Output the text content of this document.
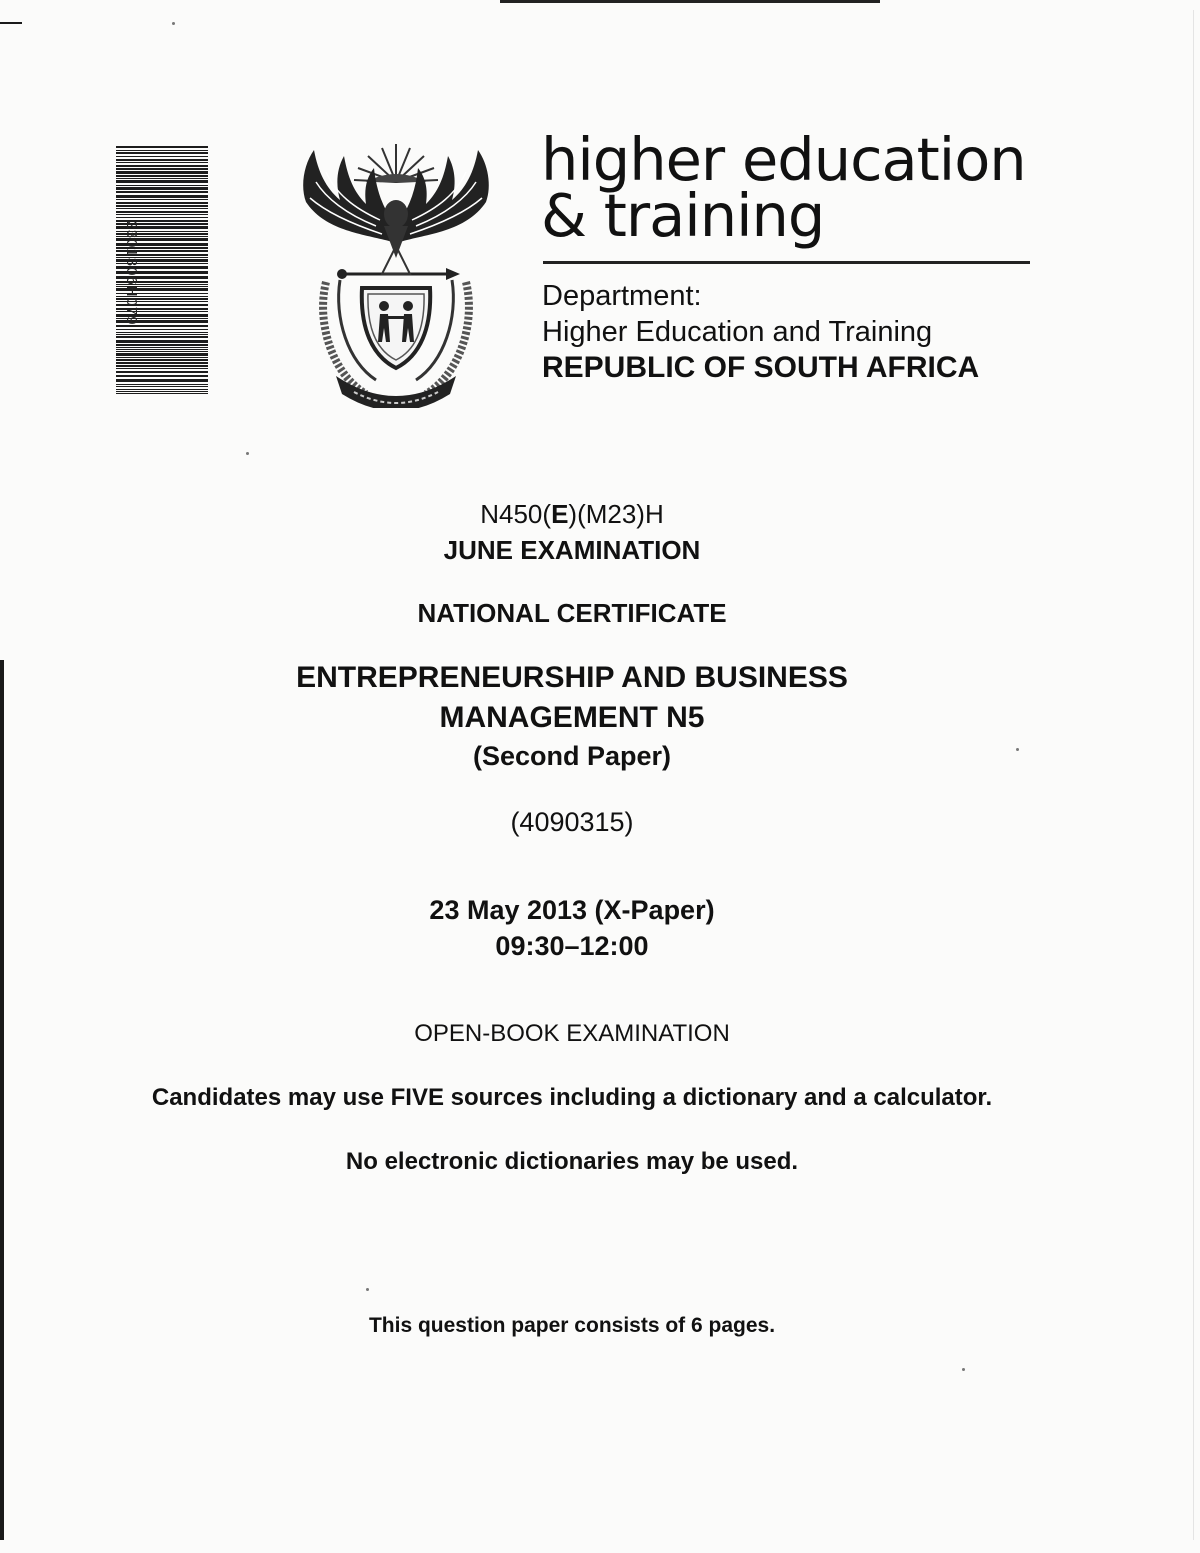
2301306H079
higher education
& training
Department:
Higher Education and Training
REPUBLIC OF SOUTH AFRICA
N450(E)(M23)H
JUNE EXAMINATION
NATIONAL CERTIFICATE
ENTREPRENEURSHIP AND BUSINESS
MANAGEMENT N5
(Second Paper)
(4090315)
23 May 2013 (X-Paper)
09:30–12:00
OPEN-BOOK EXAMINATION
Candidates may use FIVE sources including a dictionary and a calculator.
No electronic dictionaries may be used.
This question paper consists of 6 pages.
